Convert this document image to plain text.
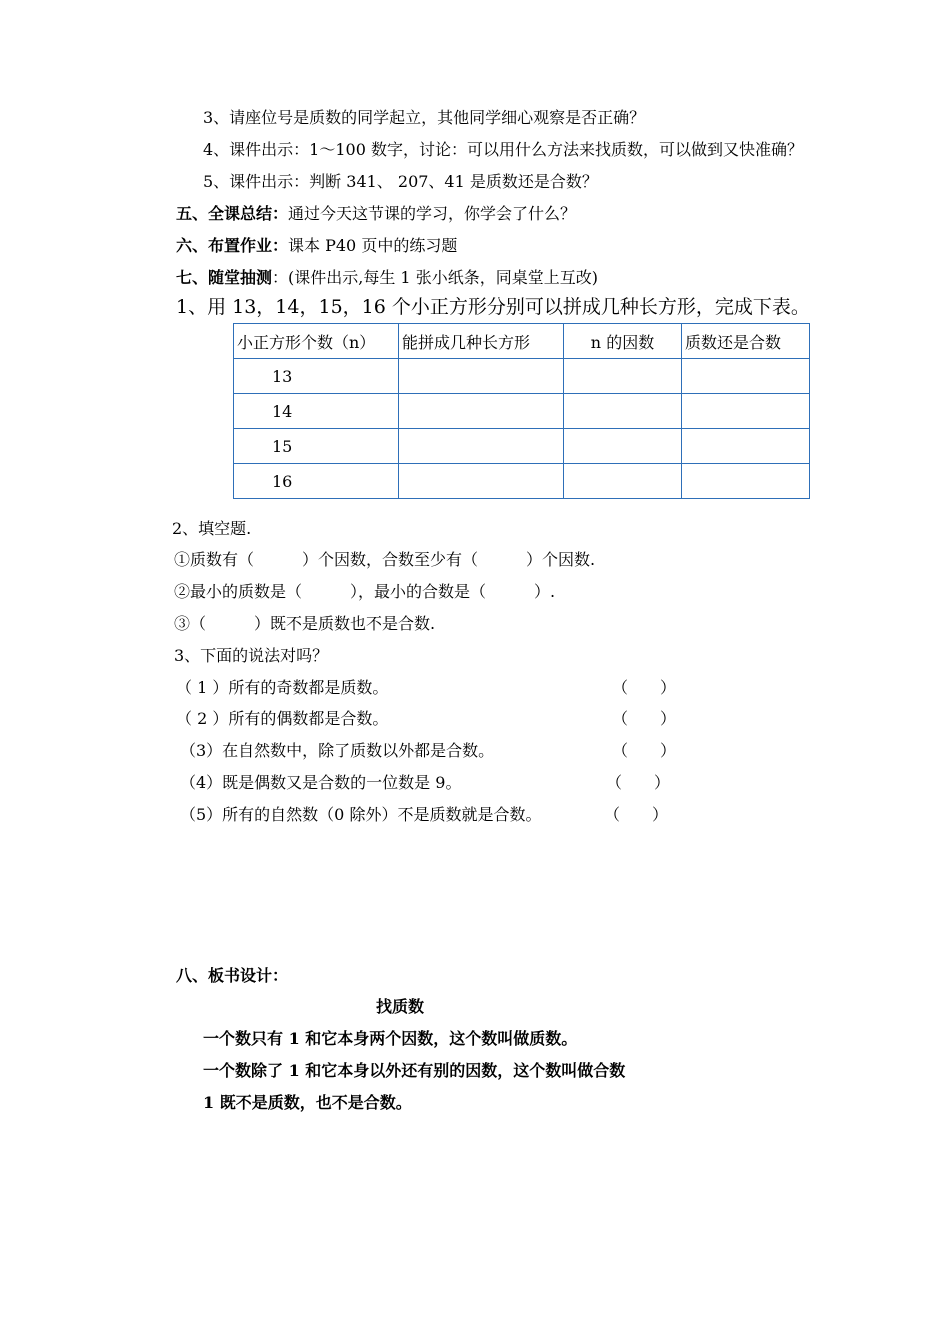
3、请座位号是质数的同学起立，其他同学细心观察是否正确？
4、课件出示：1～100 数字，讨论：可以用什么方法来找质数，可以做到又快准确？
5、课件出示：判断 341、 207、41 是质数还是合数？
五、全课总结：通过今天这节课的学习，你学会了什么？
六、布置作业：课本 P40 页中的练习题
七、随堂抽测：(课件出示,每生 1 张小纸条，同桌堂上互改)
1、用 13，14，15，16 个小正方形分别可以拼成几种长方形，完成下表。
小正方形个数（n）	能拼成几种长方形	n 的因数	质数还是合数
13			
14			
15			
16			
2、填空题.
①质数有（　　　）个因数，合数至少有（　　　）个因数.
②最小的质数是（　　　），最小的合数是（　　　）.
③（　　　）既不是质数也不是合数.
3、下面的说法对吗？
（ 1 ）所有的奇数都是质数。	（　　）
（ 2 ）所有的偶数都是合数。	（　　）
（3）在自然数中，除了质数以外都是合数。	（　　）
（4）既是偶数又是合数的一位数是 9。	（　　）
（5）所有的自然数（0 除外）不是质数就是合数。	（　　）
八、板书设计：
找质数
一个数只有 1 和它本身两个因数，这个数叫做质数。
一个数除了 1 和它本身以外还有别的因数，这个数叫做合数
1 既不是质数，也不是合数。
